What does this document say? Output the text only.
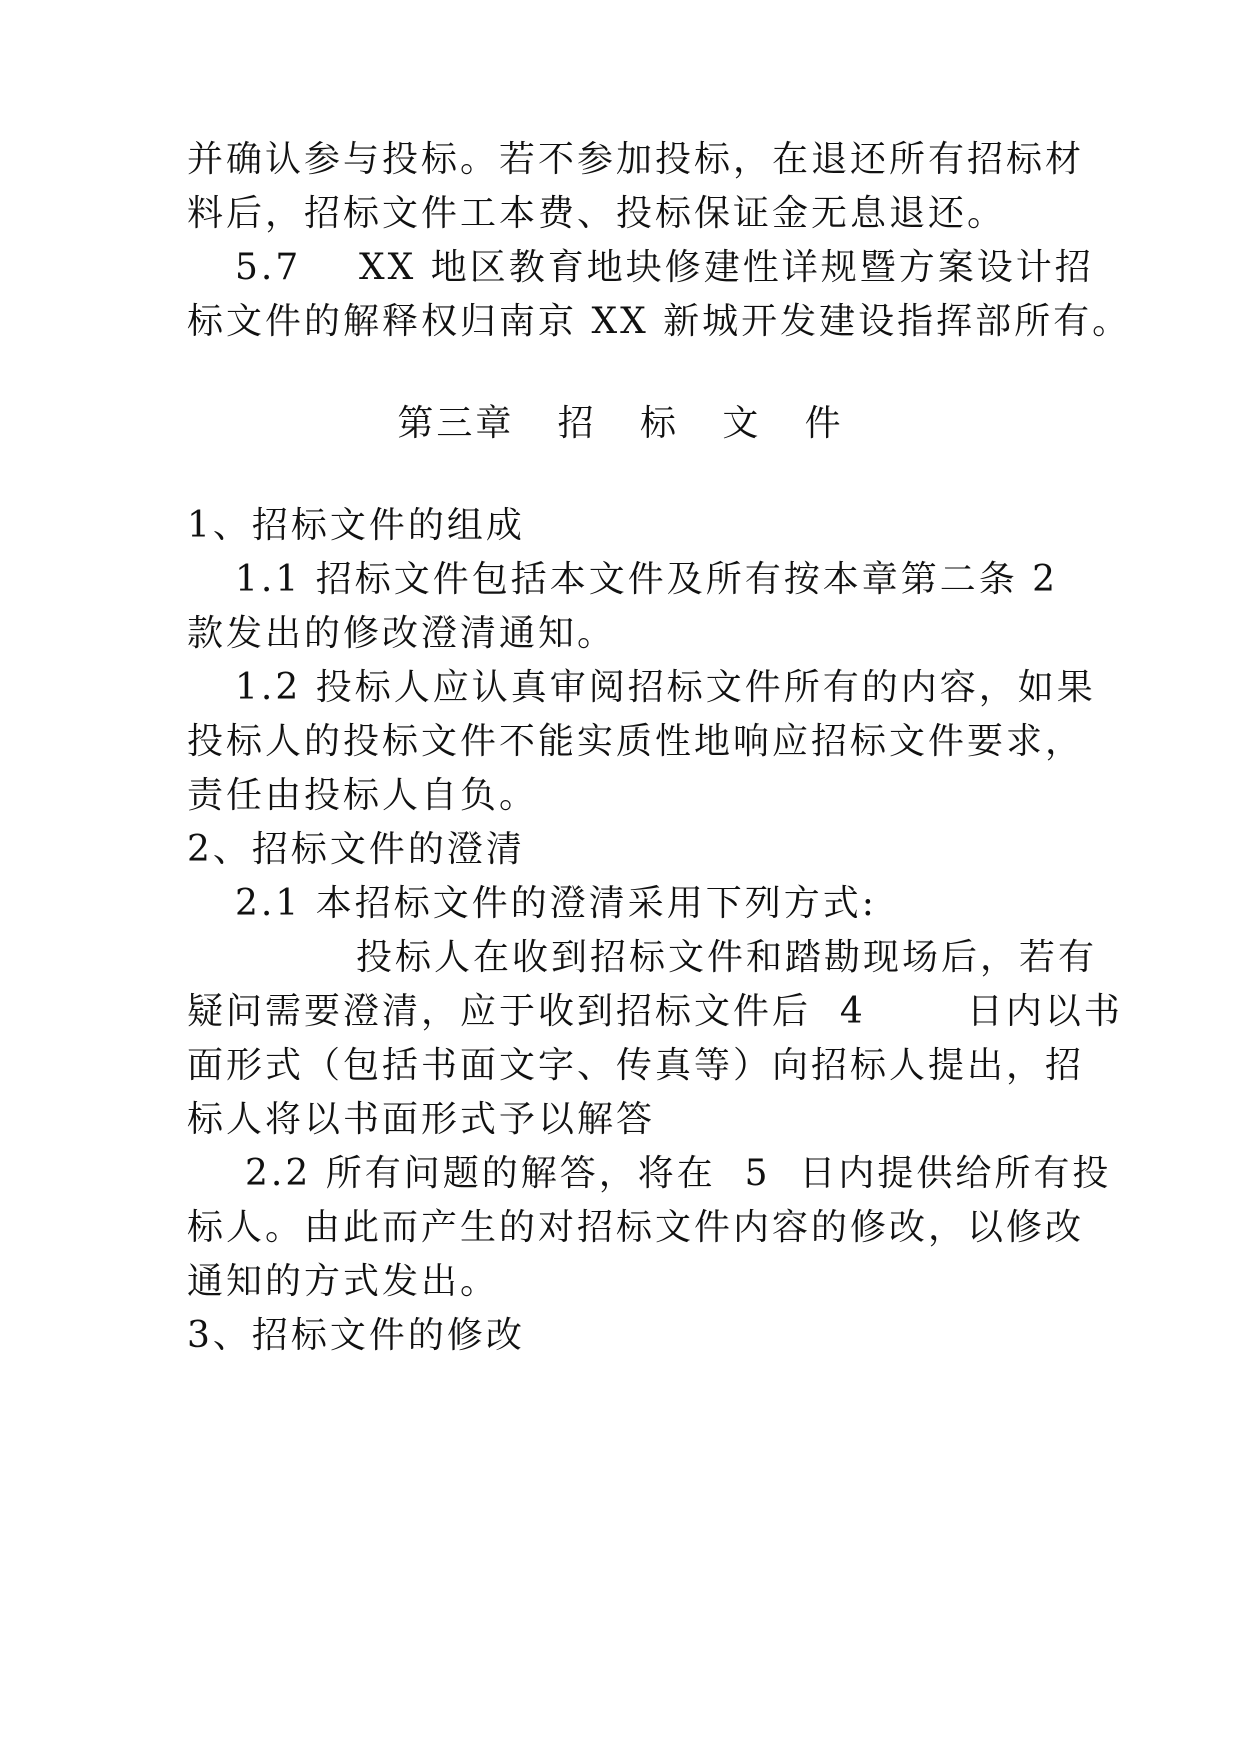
并确认参与投标。若不参加投标，在退还所有招标材
料后，招标文件工本费、投标保证金无息退还。
5.7    XX 地区教育地块修建性详规暨方案设计招
标文件的解释权归南京 XX 新城开发建设指挥部所有。
第三章   招   标   文   件
1、招标文件的组成
1.1 招标文件包括本文件及所有按本章第二条 2
款发出的修改澄清通知。
1.2 投标人应认真审阅招标文件所有的内容，如果
投标人的投标文件不能实质性地响应招标文件要求，
责任由投标人自负。
2、招标文件的澄清
2.1 本招标文件的澄清采用下列方式:
投标人在收到招标文件和踏勘现场后，若有
疑问需要澄清，应于收到招标文件后  4       日内以书
面形式（包括书面文字、传真等）向招标人提出，招
标人将以书面形式予以解答
2.2 所有问题的解答，将在  5  日内提供给所有投
标人。由此而产生的对招标文件内容的修改，以修改
通知的方式发出。
3、招标文件的修改
